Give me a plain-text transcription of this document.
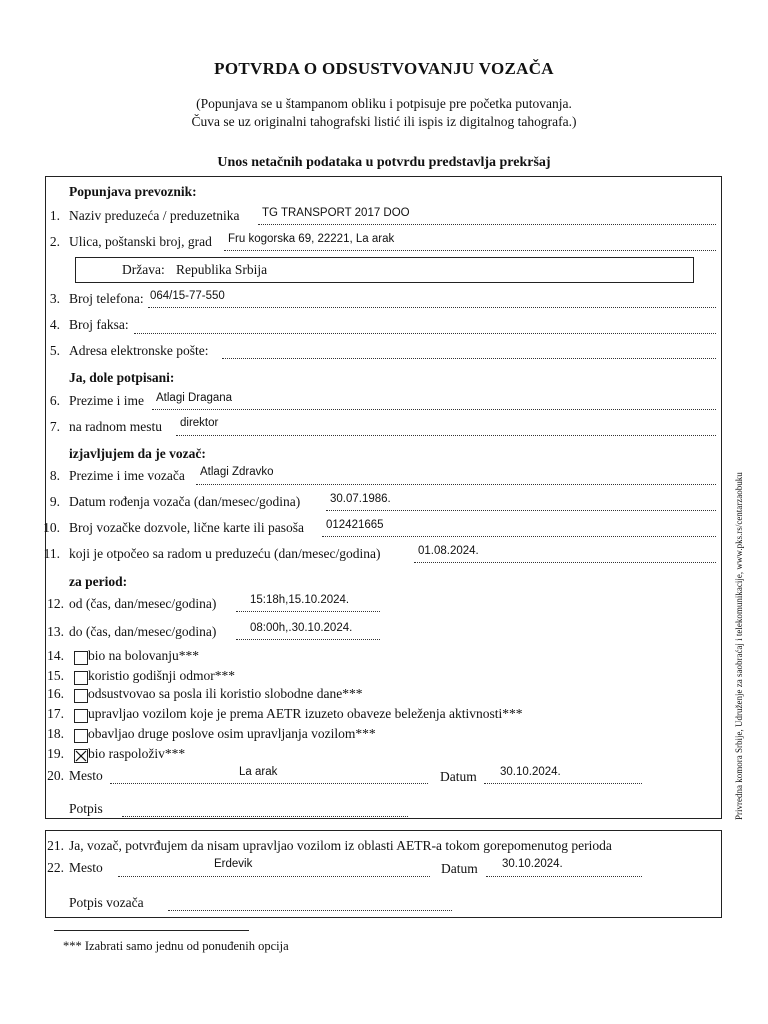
POTVRDA O ODSUSTVOVANJU VOZAČA
(Popunjava se u štampanom obliku i potpisuje pre početka putovanja.
Čuva se uz originalni tahografski listić ili ispis iz digitalnog tahografa.)
Unos netačnih podataka u potvrdu predstavlja prekršaj
Popunjava prevoznik:
1. Naziv preduzeća / preduzetnika TG TRANSPORT 2017 DOO
2. Ulica, poštanski broj, grad Fru kogorska 69, 22221, La arak
Država: Republika Srbija
3. Broj telefona: 064/15-77-550
4. Broj faksa:
5. Adresa elektronske pošte:
Ja, dole potpisani:
6. Prezime i ime Atlagi Dragana
7. na radnom mestu direktor
izjavljujem da je vozač:
8. Prezime i ime vozača Atlagi Zdravko
9. Datum rođenja vozača (dan/mesec/godina)	30.07.1986.
10. Broj vozačke dozvole, lične karte ili pasoša 012421665
11. koji je otpočeo sa radom u preduzeću (dan/mesec/godina)	01.08.2024.
za period:
12. od (čas, dan/mesec/godina)	15:18h,15.10.2024.
13. do (čas, dan/mesec/godina)	08:00h,.30.10.2024.
14. bio na bolovanju***
15. koristio godišnji odmor***
16. odsustvovao sa posla ili koristio slobodne dane***
17. upravljao vozilom koje je prema AETR izuzeto obaveze beleženja aktivnosti***
18. obavljao druge poslove osim upravljanja vozilom***
19. bio raspoloživ***
20. Mesto	La arak	Datum 30.10.2024.
Potpis
21. Ja, vozač, potvrđujem da nisam upravljao vozilom iz oblasti AETR-a tokom gorepomenutog perioda
22. Mesto	Erdevik	Datum 30.10.2024.
Potpis vozača
*** Izabrati samo jednu od ponuđenih opcija
Privredna komora Srbije, Udruženje za saobraćaj i telekomunikacije, www.pks.rs/centarzaobuku
